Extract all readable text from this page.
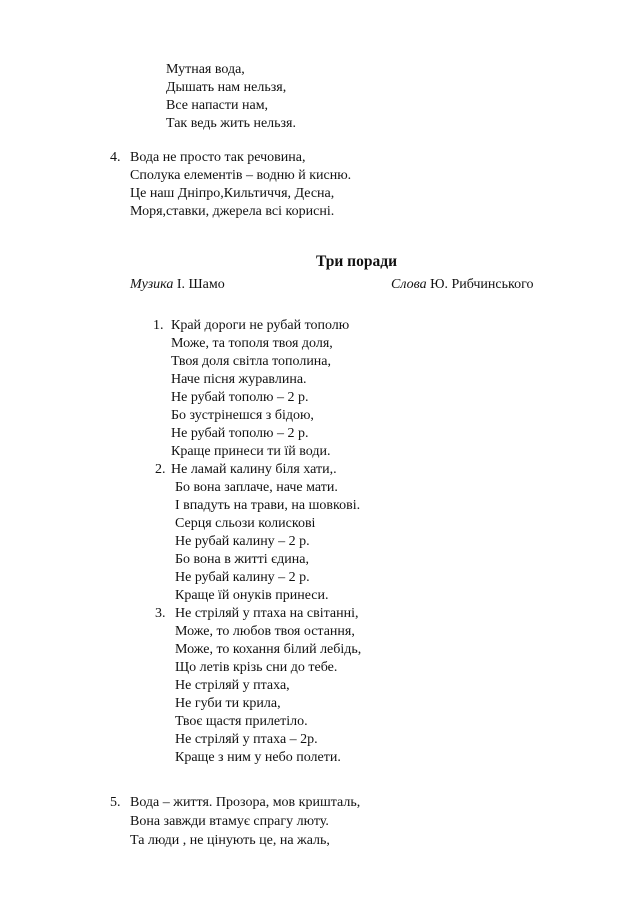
Мутная вода,
Дышать нам нельзя,
Все напасти нам,
Так ведь жить нельзя.
4. Вода не просто так речовина,
Сполука елементів – водню й кисню.
Це наш Дніпро,Кильтиччя, Десна,
Моря,ставки, джерела всі корисні.
Три поради
Музика І. Шамо	Слова Ю. Рибчинського
1. Край дороги не рубай тополю
Може, та тополя твоя доля,
Твоя доля світла тополина,
Наче пісня журавлина.
Не рубай тополю – 2 р.
Бо зустрінешся з бідою,
Не рубай тополю – 2 р.
Краще принеси ти їй води.
2. Не ламай калину біля хати,.
Бо вона заплаче, наче мати.
І впадуть на трави, на шовкові.
Серця сльози колискові
Не рубай калину – 2 р.
Бо вона в житті єдина,
Не рубай калину – 2 р.
Краще їй онуків принеси.
3. Не стріляй у птаха на світанні,
Може, то любов твоя остання,
Може, то кохання білий лебідь,
Що летів крізь сни до тебе.
Не стріляй у птаха,
Не губи ти крила,
Твоє щастя прилетіло.
Не стріляй у птаха – 2р.
Краще з ним у небо полети.
5. Вода – життя. Прозора, мов кришталь,
Вона завжди втамує спрагу люту.
Та люди , не цінують це, на жаль,
